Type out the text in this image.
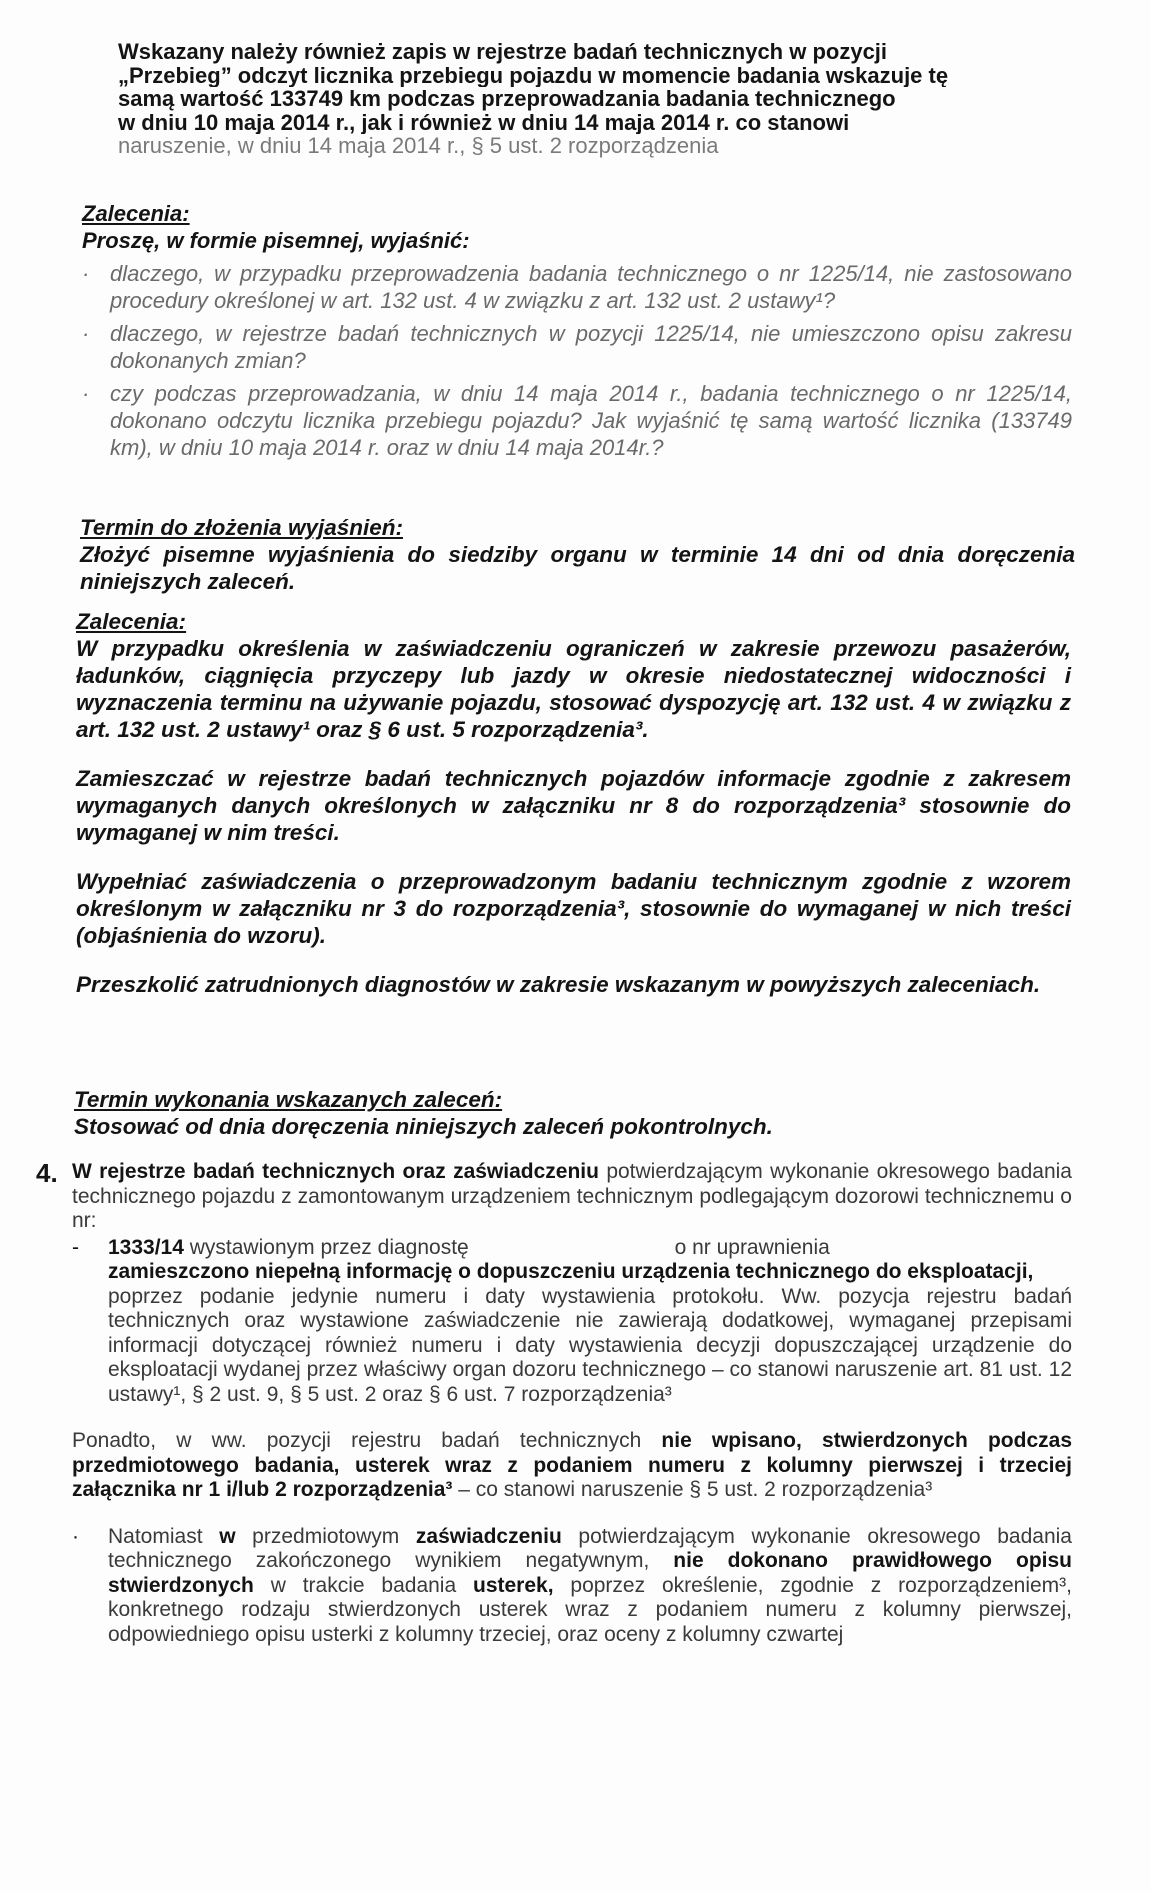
Wskazany należy również zapis w rejestrze badań technicznych w pozycji

„Przebieg” odczyt licznika przebiegu pojazdu w momencie badania wskazuje tę

samą wartość 133749 km podczas przeprowadzania badania technicznego

w dniu 10 maja 2014 r., jak i również w dniu 14 maja 2014 r. co stanowi

naruszenie, w dniu 14 maja 2014 r., § 5 ust. 2 rozporządzenia

Zalecenia:

Proszę, w formie pisemnej, wyjaśnić:

· dlaczego, w przypadku przeprowadzenia badania technicznego o nr 1225/14, nie zastosowano procedury określonej w art. 132 ust. 4 w związku z art. 132 ust. 2 ustawy¹?
· dlaczego, w rejestrze badań technicznych w pozycji 1225/14, nie umieszczono opisu zakresu dokonanych zmian?
· czy podczas przeprowadzania, w dniu 14 maja 2014 r., badania technicznego o nr 1225/14, dokonano odczytu licznika przebiegu pojazdu? Jak wyjaśnić tę samą wartość licznika (133749 km), w dniu 10 maja 2014 r. oraz w dniu 14 maja 2014r.?

Termin do złożenia wyjaśnień:

Złożyć pisemne wyjaśnienia do siedziby organu w terminie 14 dni od dnia doręczenia niniejszych zaleceń.

Zalecenia:

W przypadku określenia w zaświadczeniu ograniczeń w zakresie przewozu pasażerów, ładunków, ciągnięcia przyczepy lub jazdy w okresie niedostatecznej widoczności i wyznaczenia terminu na używanie pojazdu, stosować dyspozycję art. 132 ust. 4 w związku z art. 132 ust. 2 ustawy¹ oraz § 6 ust. 5 rozporządzenia³.

Zamieszczać w rejestrze badań technicznych pojazdów informacje zgodnie z zakresem wymaganych danych określonych w załączniku nr 8 do rozporządzenia³ stosownie do wymaganej w nim treści.

Wypełniać zaświadczenia o przeprowadzonym badaniu technicznym zgodnie z wzorem określonym w załączniku nr 3 do rozporządzenia³, stosownie do wymaganej w nich treści (objaśnienia do wzoru).

Przeszkolić zatrudnionych diagnostów w zakresie wskazanym w powyższych zaleceniach.

Termin wykonania wskazanych zaleceń:

Stosować od dnia doręczenia niniejszych zaleceń pokontrolnych.

4. W rejestrze badań technicznych oraz zaświadczeniu potwierdzającym wykonanie okresowego badania technicznego pojazdu z zamontowanym urządzeniem technicznym podlegającym dozorowi technicznemu o nr:

- 1333/14 wystawionym przez diagnostę	o nr uprawnienia
zamieszczono niepełną informację o dopuszczeniu urządzenia technicznego do eksploatacji,
poprzez podanie jedynie numeru i daty wystawienia protokołu. Ww. pozycja rejestru badań technicznych oraz wystawione zaświadczenie nie zawierają dodatkowej, wymaganej przepisami informacji dotyczącej również numeru i daty wystawienia decyzji dopuszczającej urządzenie do eksploatacji wydanej przez właściwy organ dozoru technicznego – co stanowi naruszenie art. 81 ust. 12 ustawy¹, § 2 ust. 9, § 5 ust. 2 oraz § 6 ust. 7 rozporządzenia³

Ponadto, w ww. pozycji rejestru badań technicznych nie wpisano, stwierdzonych podczas przedmiotowego badania, usterek wraz z podaniem numeru z kolumny pierwszej i trzeciej załącznika nr 1 i/lub 2 rozporządzenia³ – co stanowi naruszenie § 5 ust. 2 rozporządzenia³

· Natomiast w przedmiotowym zaświadczeniu potwierdzającym wykonanie okresowego badania technicznego zakończonego wynikiem negatywnym, nie dokonano prawidłowego opisu stwierdzonych w trakcie badania usterek, poprzez określenie, zgodnie z rozporządzeniem³, konkretnego rodzaju stwierdzonych usterek wraz z podaniem numeru z kolumny pierwszej, odpowiedniego opisu usterki z kolumny trzeciej, oraz oceny z kolumny czwartej
